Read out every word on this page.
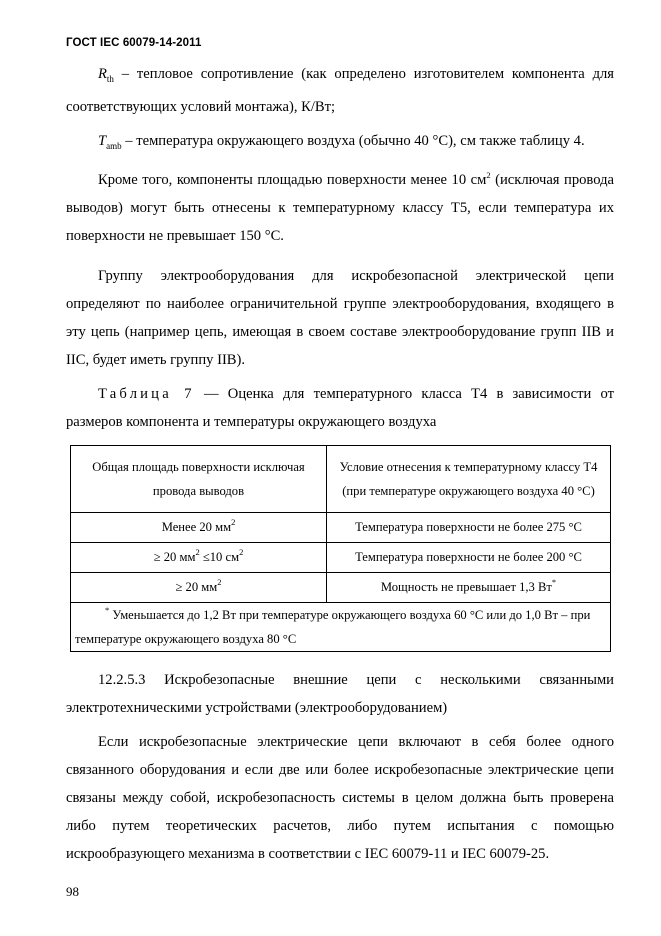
ГОСТ IEC 60079-14-2011

$R_{th}$ – тепловое сопротивление (как определено изготовителем компонента для соответствующих условий монтажа), К/Вт;

$T_{amb}$ – температура окружающего воздуха (обычно 40 °С), см также таблицу 4.

Кроме того, компоненты площадью поверхности менее 10 $см^2$ (исключая провода выводов) могут быть отнесены к температурному классу Т5, если температура их поверхности не превышает 150 °С.

Группу электрооборудования для искробезопасной электрической цепи определяют по наиболее ограничительной группе электрооборудования, входящего в эту цепь (например цепь, имеющая в своем составе электрооборудование групп IIB и IIC, будет иметь группу IIB).

Таблица 7 — Оценка для температурного класса Т4 в зависимости от размеров компонента и температуры окружающего воздуха

Общая площадь поверхности исключая провода выводов	Условие отнесения к температурному классу Т4 (при температуре окружающего воздуха 40 °С)
Менее 20 $мм^2$	Температура поверхности не более 275 °С
≥ 20 $мм^2 \le 10$ $см^2$	Температура поверхности не более 200 °С
≥ 20 $мм^2$	Мощность не превышает 1,3 Вт*
* Уменьшается до 1,2 Вт при температуре окружающего воздуха 60 °С или до 1,0 Вт – при температуре окружающего воздуха 80 °С	

12.2.5.3 Искробезопасные внешние цепи с несколькими связанными электротехническими устройствами (электрооборудованием)

Если искробезопасные электрические цепи включают в себя более одного связанного оборудования и если две или более искробезопасные электрические цепи связаны между собой, искробезопасность системы в целом должна быть проверена либо путем теоретических расчетов, либо путем испытания с помощью искрообразующего механизма в соответствии с IEC 60079-11 и IEC 60079-25.

98
